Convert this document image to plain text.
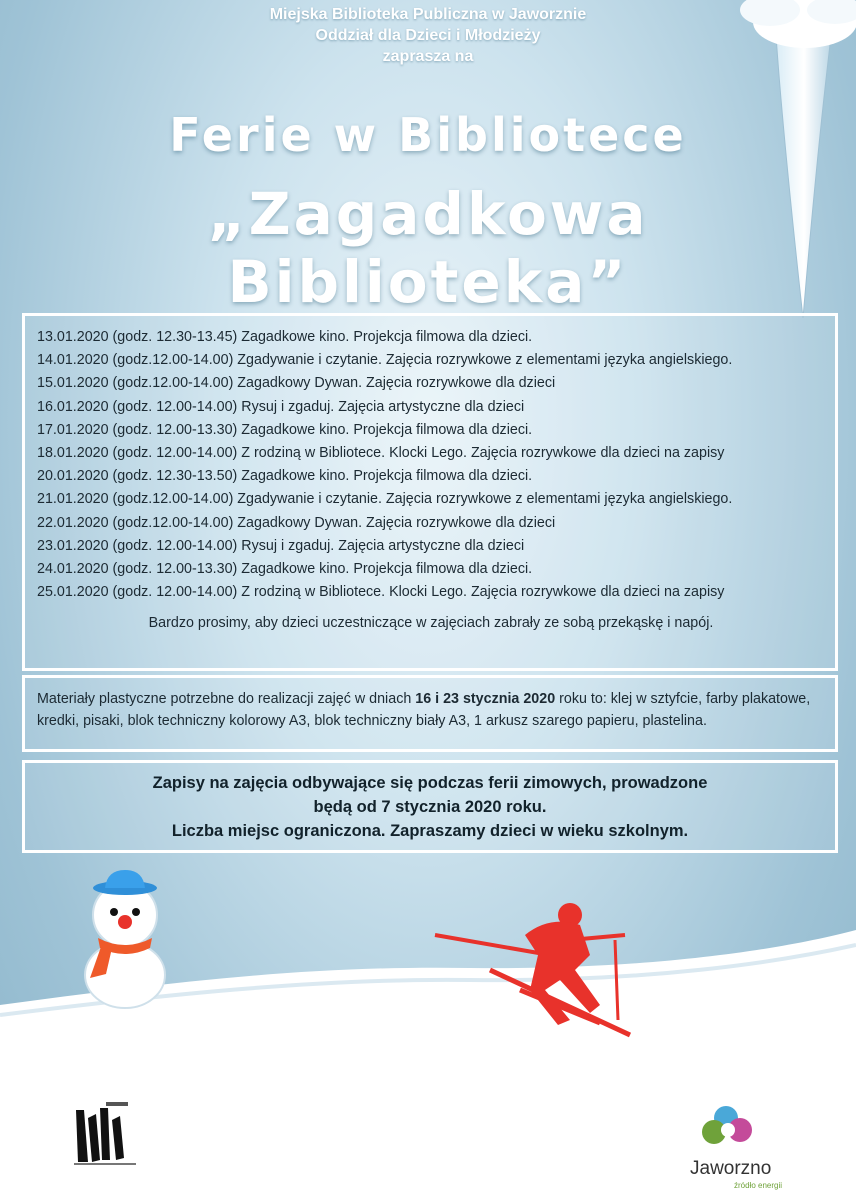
Miejska Biblioteka Publiczna w Jaworznie
Oddział dla Dzieci i Młodzieży
zaprasza na
Ferie w Bibliotece
„Zagadkowa Biblioteka”
13.01.2020 (godz. 12.30-13.45) Zagadkowe kino. Projekcja filmowa dla dzieci.
14.01.2020 (godz.12.00-14.00) Zgadywanie i czytanie. Zajęcia rozrywkowe z elementami języka angielskiego.
15.01.2020 (godz.12.00-14.00) Zagadkowy Dywan. Zajęcia rozrywkowe dla dzieci
16.01.2020 (godz. 12.00-14.00) Rysuj i zgaduj. Zajęcia artystyczne dla dzieci
17.01.2020 (godz. 12.00-13.30) Zagadkowe kino. Projekcja filmowa dla dzieci.
18.01.2020 (godz. 12.00-14.00) Z rodziną w Bibliotece. Klocki Lego. Zajęcia rozrywkowe dla dzieci na zapisy
20.01.2020 (godz. 12.30-13.50) Zagadkowe kino. Projekcja filmowa dla dzieci.
21.01.2020 (godz.12.00-14.00) Zgadywanie i czytanie. Zajęcia rozrywkowe z elementami języka angielskiego.
22.01.2020 (godz.12.00-14.00) Zagadkowy Dywan. Zajęcia rozrywkowe dla dzieci
23.01.2020 (godz. 12.00-14.00) Rysuj i zgaduj. Zajęcia artystyczne dla dzieci
24.01.2020 (godz. 12.00-13.30) Zagadkowe kino. Projekcja filmowa dla dzieci.
25.01.2020 (godz. 12.00-14.00) Z rodziną w Bibliotece. Klocki Lego. Zajęcia rozrywkowe dla dzieci na zapisy
Bardzo prosimy, aby dzieci uczestniczące w zajęciach zabrały ze sobą przekąskę i napój.
Materiały plastyczne potrzebne do realizacji zajęć w dniach 16 i 23 stycznia 2020 roku to: klej w sztyfcie, farby plakatowe, kredki, pisaki, blok techniczny kolorowy A3, blok techniczny biały A3, 1 arkusz szarego papieru, plastelina.
Zapisy na zajęcia odbywające się podczas ferii zimowych, prowadzone
będą od 7 stycznia 2020 roku.
Liczba miejsc ograniczona. Zapraszamy dzieci w wieku szkolnym.
Jaworzno
źródło energii
